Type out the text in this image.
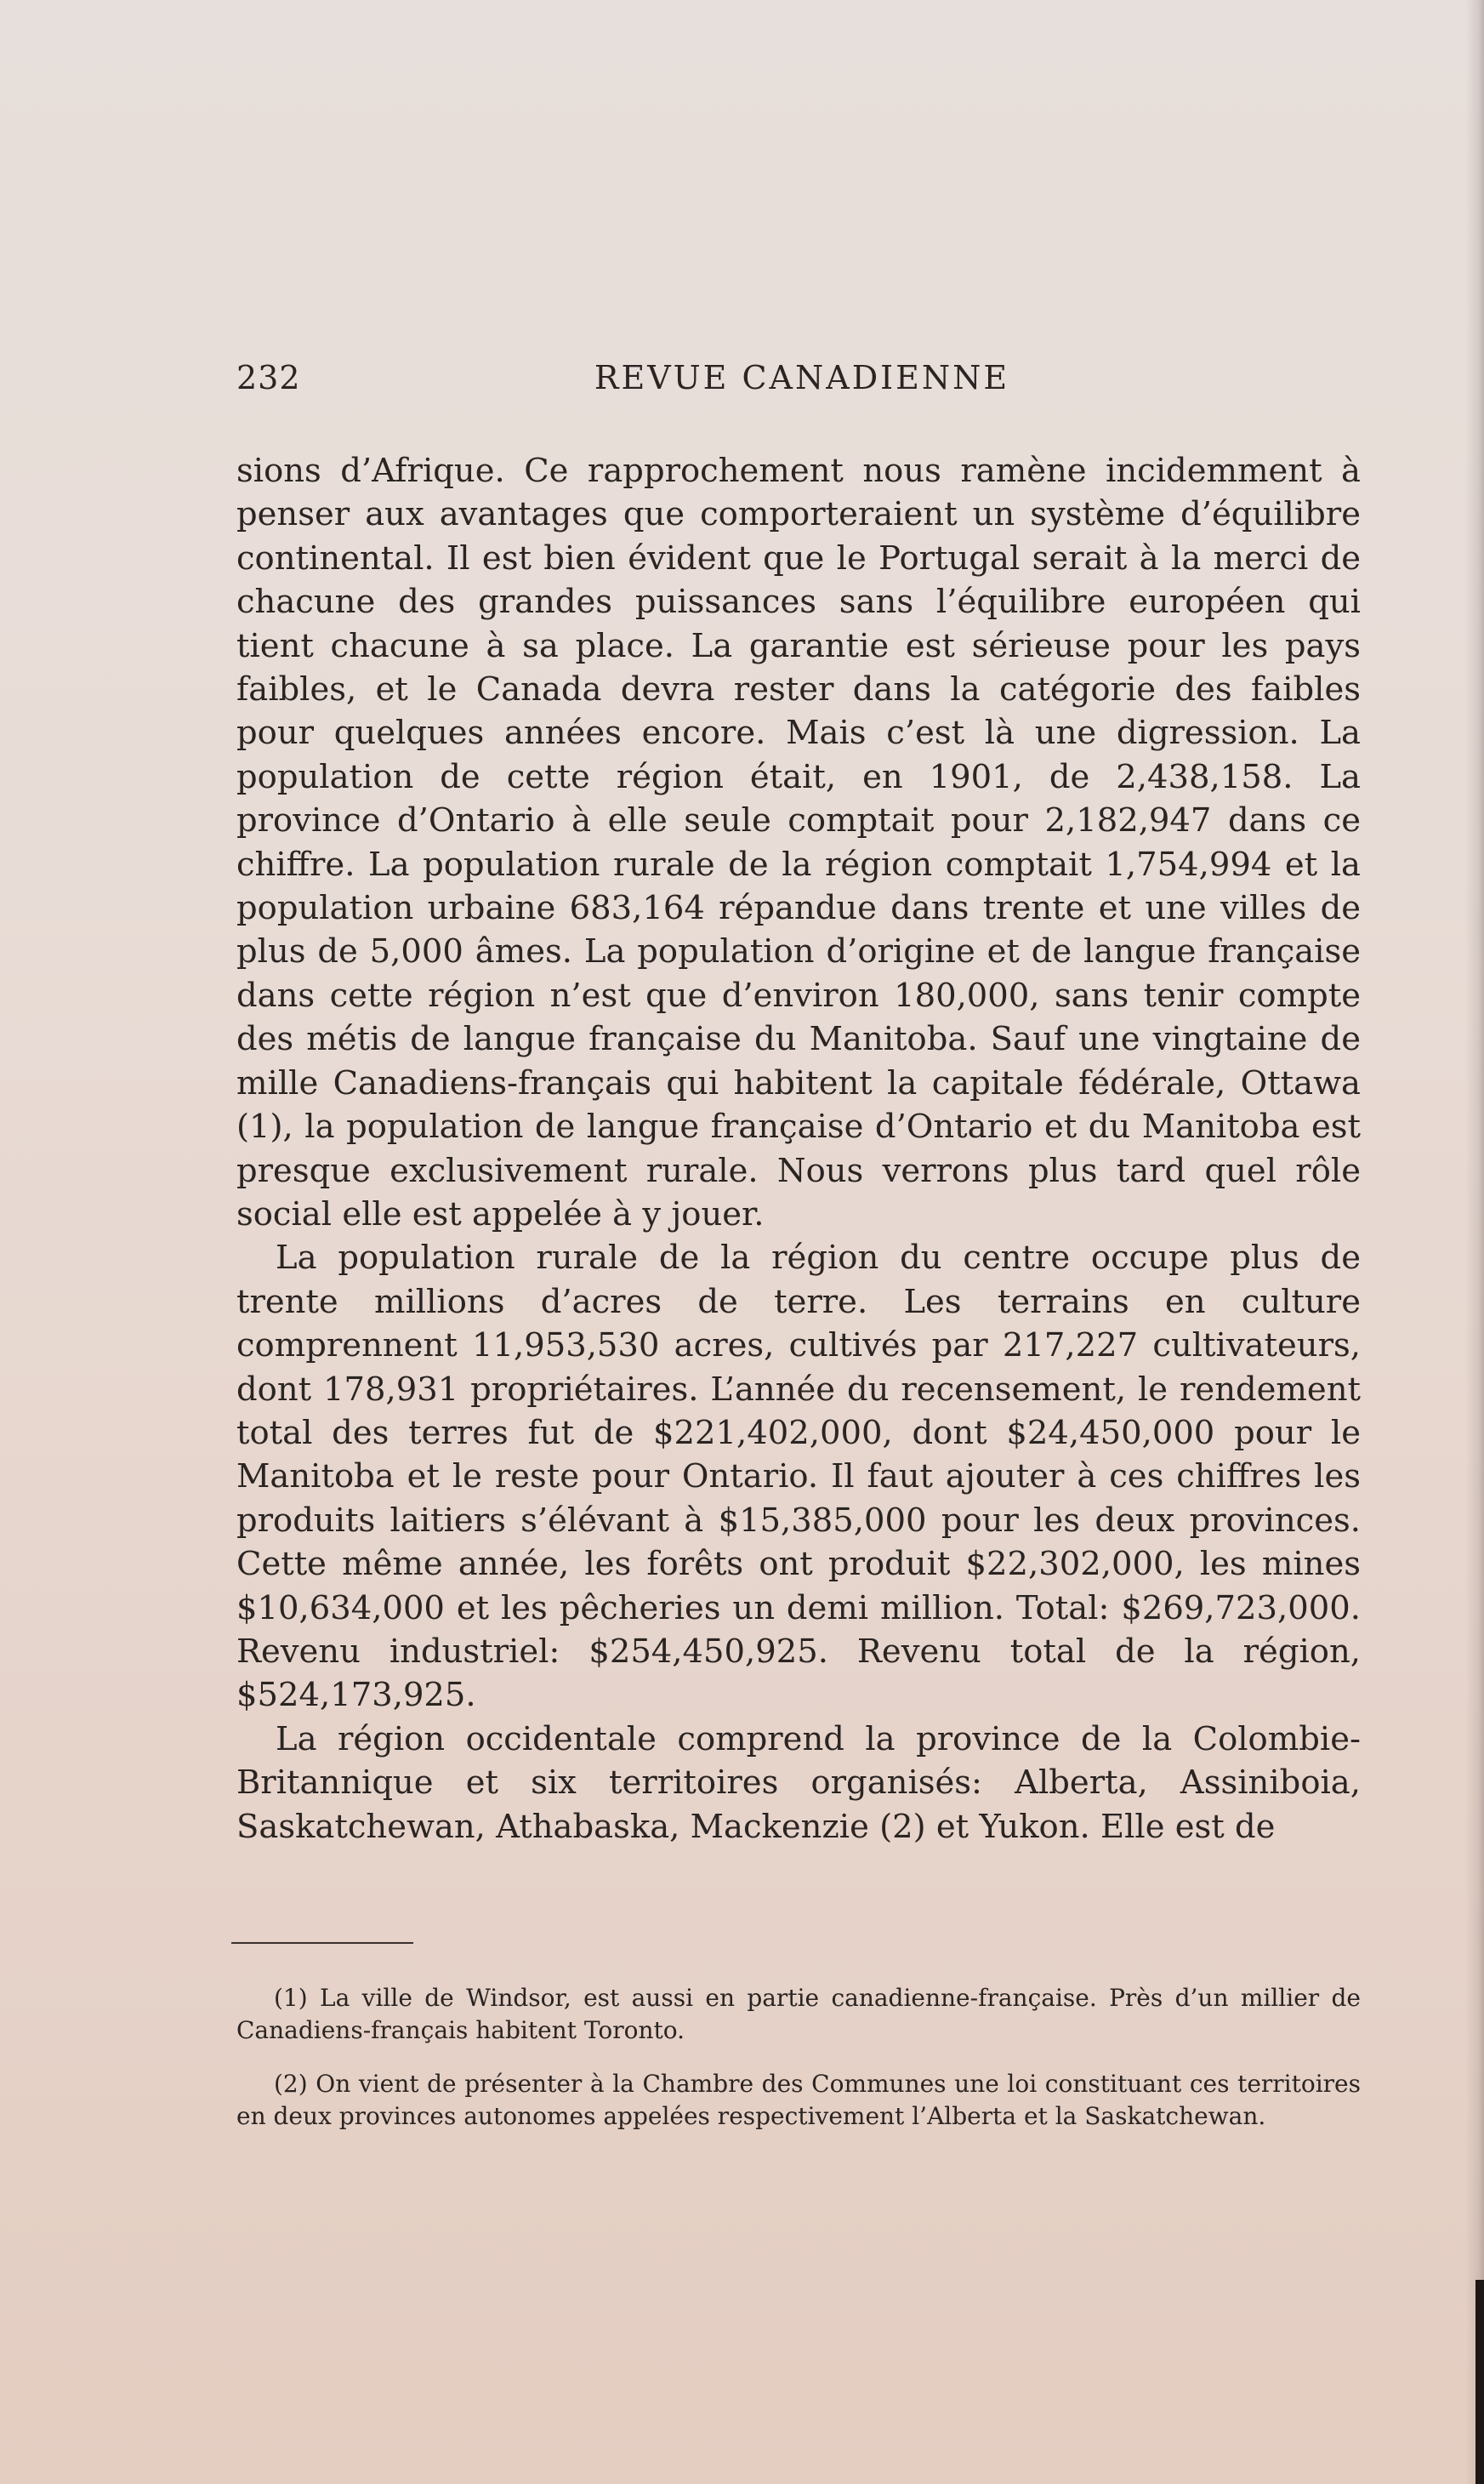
232	REVUE CANADIENNE

sions d’Afrique. Ce rapprochement nous ramène incidemment à penser aux avantages que comporteraient un système d’équilibre continental. Il est bien évident que le Portugal serait à la merci de chacune des grandes puissances sans l’équilibre européen qui tient chacune à sa place. La garantie est sérieuse pour les pays faibles, et le Canada devra rester dans la catégorie des faibles pour quelques années encore. Mais c’est là une digression. La population de cette région était, en 1901, de 2,438,158. La province d’Ontario à elle seule comptait pour 2,182,947 dans ce chiffre. La population rurale de la région comptait 1,754,994 et la population urbaine 683,164 répandue dans trente et une villes de plus de 5,000 âmes. La population d’origine et de langue française dans cette région n’est que d’environ 180,000, sans tenir compte des métis de langue française du Manitoba. Sauf une vingtaine de mille Canadiens-français qui habitent la capitale fédérale, Ottawa (1), la population de langue française d’Ontario et du Manitoba est presque exclusivement rurale. Nous verrons plus tard quel rôle social elle est appelée à y jouer.

La population rurale de la région du centre occupe plus de trente millions d’acres de terre. Les terrains en culture comprennent 11,953,530 acres, cultivés par 217,227 cultivateurs, dont 178,931 propriétaires. L’année du recensement, le rendement total des terres fut de $221,402,000, dont $24,450,000 pour le Manitoba et le reste pour Ontario. Il faut ajouter à ces chiffres les produits laitiers s’élévant à $15,385,000 pour les deux provinces. Cette même année, les forêts ont produit $22,302,000, les mines $10,634,000 et les pêcheries un demi million. Total: $269,723,000. Revenu industriel: $254,450,925. Revenu total de la région, $524,173,925.

La région occidentale comprend la province de la Colombie-Britannique et six territoires organisés: Alberta, Assiniboia, Saskatchewan, Athabaska, Mackenzie (2) et Yukon. Elle est de

(1) La ville de Windsor, est aussi en partie canadienne-française. Près d’un millier de Canadiens-français habitent Toronto.

(2) On vient de présenter à la Chambre des Communes une loi constituant ces territoires en deux provinces autonomes appelées respectivement l’Alberta et la Saskatchewan.
